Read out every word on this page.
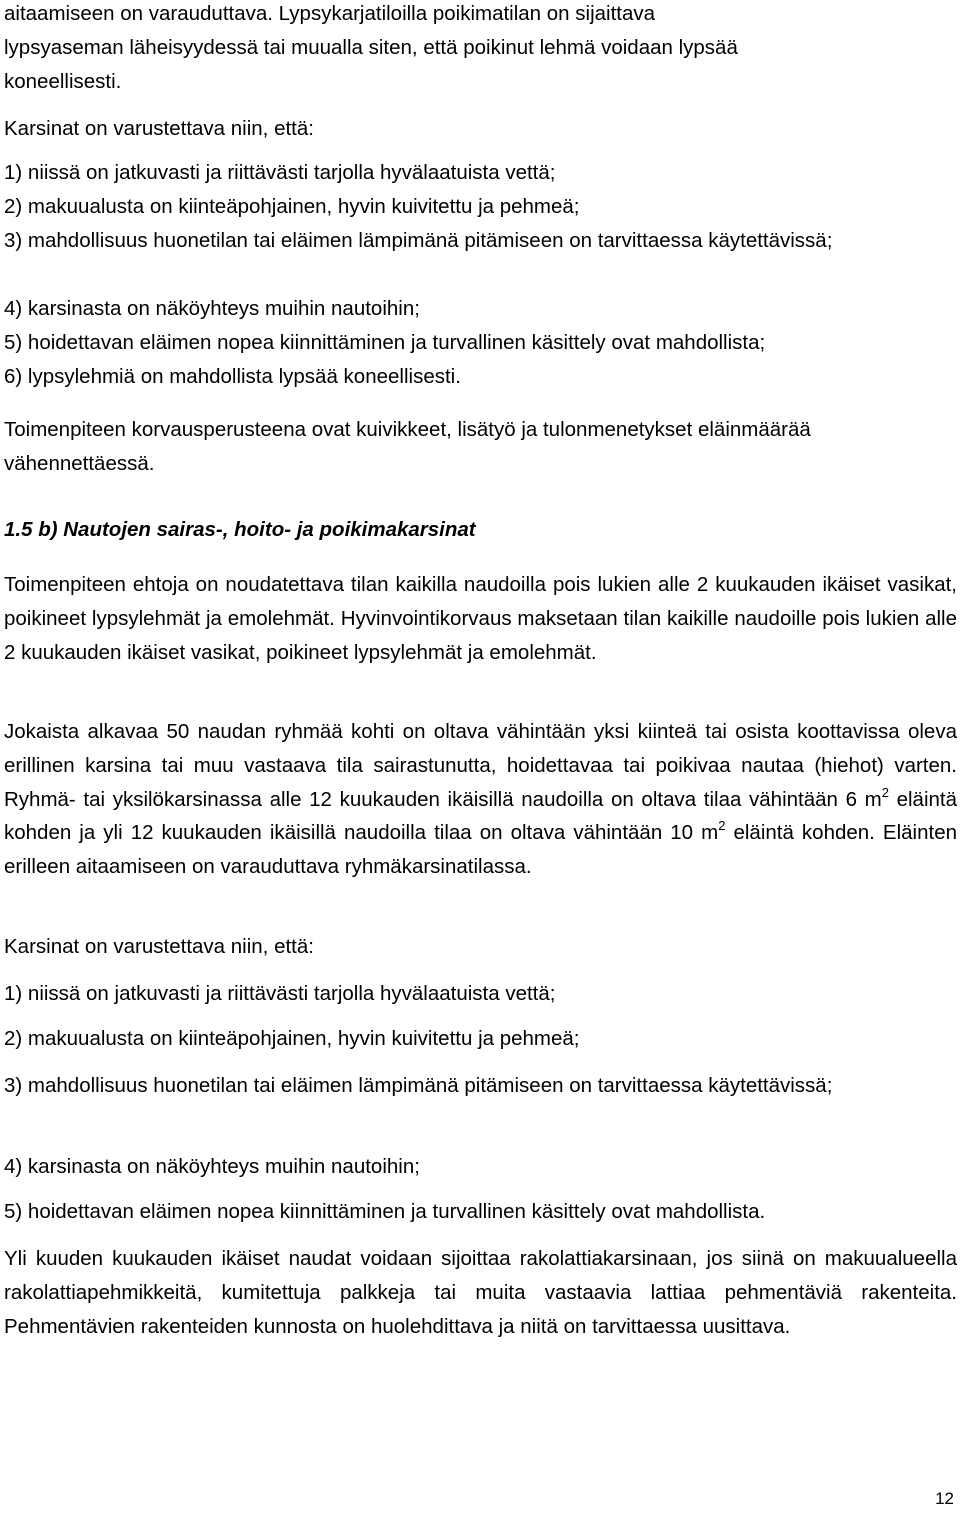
aitaamiseen on varauduttava. Lypsykarjatiloilla poikimatilan on sijaittava

lypsyaseman läheisyydessä tai muualla siten, että poikinut lehmä voidaan lypsää

koneellisesti.

Karsinat on varustettava niin, että:

1) niissä on jatkuvasti ja riittävästi tarjolla hyvälaatuista vettä;

2) makuualusta on kiinteäpohjainen, hyvin kuivitettu ja pehmeä;

3) mahdollisuus huonetilan tai eläimen lämpimänä pitämiseen on tarvittaessa käytettävissä;

4) karsinasta on näköyhteys muihin nautoihin;

5) hoidettavan eläimen nopea kiinnittäminen ja turvallinen käsittely ovat mahdollista;

6) lypsylehmiä on mahdollista lypsää koneellisesti.

Toimenpiteen korvausperusteena ovat kuivikkeet, lisätyö ja tulonmenetykset eläinmäärää vähennettäessä.

1.5 b) Nautojen sairas-, hoito- ja poikimakarsinat

Toimenpiteen ehtoja on noudatettava tilan kaikilla naudoilla pois lukien alle 2 kuukauden ikäiset vasikat, poikineet lypsylehmät ja emolehmät. Hyvinvointikorvaus maksetaan tilan kaikille naudoille pois lukien alle 2 kuukauden ikäiset vasikat, poikineet lypsylehmät ja emolehmät.

Jokaista alkavaa 50 naudan ryhmää kohti on oltava vähintään yksi kiinteä tai osista koottavissa oleva erillinen karsina tai muu vastaava tila sairastunutta, hoidettavaa tai poikivaa nautaa (hiehot) varten. Ryhmä- tai yksilökarsinassa alle 12 kuukauden ikäisillä naudoilla on oltava tilaa vähintään 6 $m^2$ eläintä kohden ja yli 12 kuukauden ikäisillä naudoilla tilaa on oltava vähintään 10 $m^2$ eläintä kohden. Eläinten erilleen aitaamiseen on varauduttava ryhmäkarsinatilassa.

Karsinat on varustettava niin, että:

1) niissä on jatkuvasti ja riittävästi tarjolla hyvälaatuista vettä;

2) makuualusta on kiinteäpohjainen, hyvin kuivitettu ja pehmeä;

3) mahdollisuus huonetilan tai eläimen lämpimänä pitämiseen on tarvittaessa käytettävissä;

4) karsinasta on näköyhteys muihin nautoihin;

5) hoidettavan eläimen nopea kiinnittäminen ja turvallinen käsittely ovat mahdollista.

Yli kuuden kuukauden ikäiset naudat voidaan sijoittaa rakolattiakarsinaan, jos siinä on makuualueella rakolattiapehmikkeitä, kumitettuja palkkeja tai muita vastaavia lattiaa pehmentäviä rakenteita. Pehmentävien rakenteiden kunnosta on huolehdittava ja niitä on tarvittaessa uusittava.

12
